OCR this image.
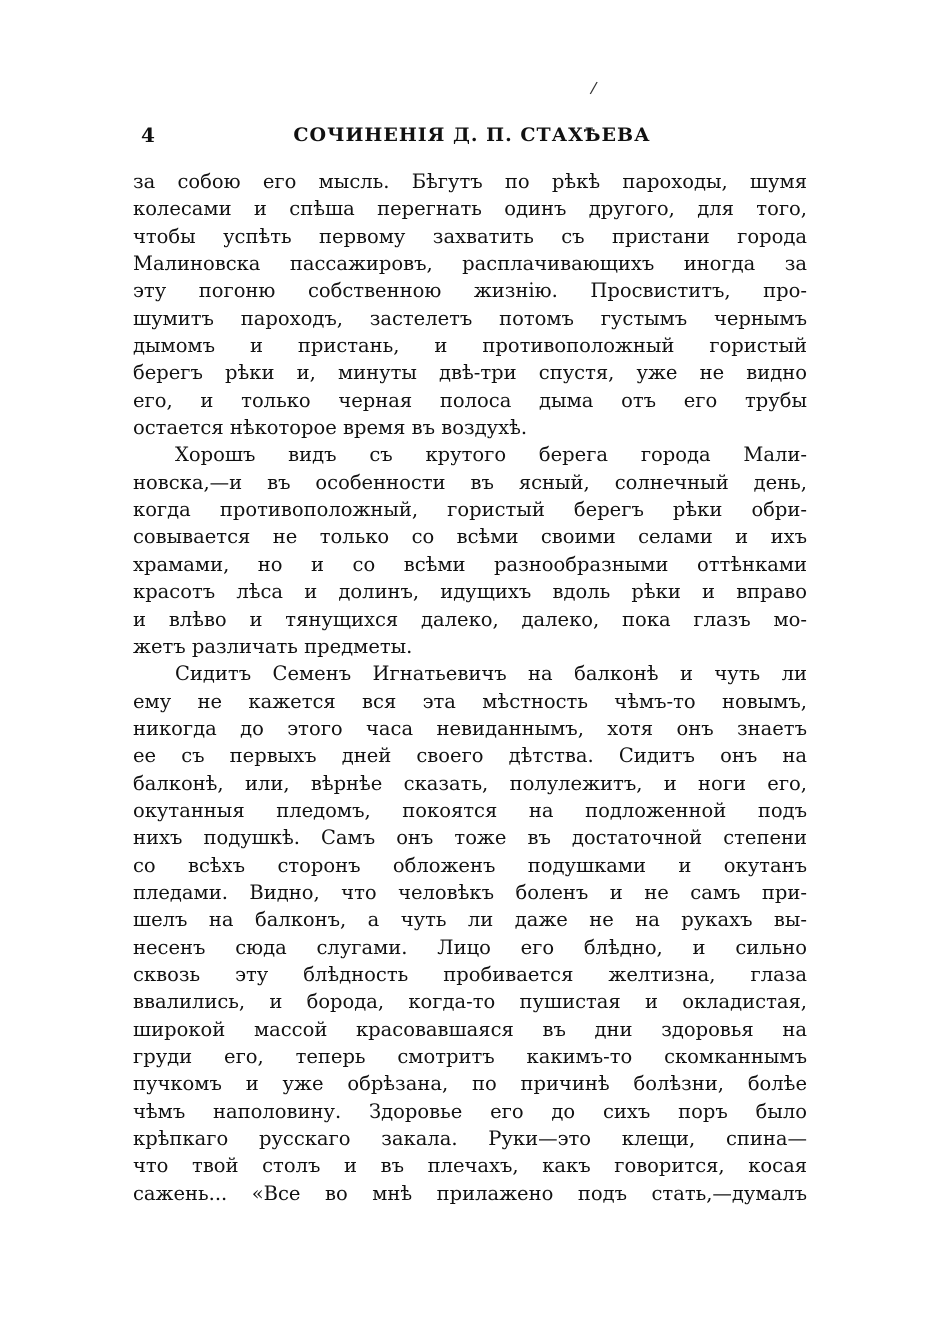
/
4	СОЧИНЕНІЯ Д. П. СТАХѢЕВА
за собою его мысль. Бѣгутъ по рѣкѣ пароходы, шумя
колесами и спѣша перегнать одинъ другого, для того,
чтобы успѣть первому захватить съ пристани города
Малиновска пассажировъ, расплачивающихъ иногда за
эту погоню собственною жизнію. Просвиститъ, про-
шумитъ пароходъ, застелетъ потомъ густымъ чернымъ
дымомъ и пристань, и противоположный гористый
берегъ рѣки и, минуты двѣ-три спустя, уже не видно
его, и только черная полоса дыма отъ его трубы
остается нѣкоторое время въ воздухѣ.
Хорошъ видъ съ крутого берега города Мали-
новска,—и въ особенности въ ясный, солнечный день,
когда противоположный, гористый берегъ рѣки обри-
совывается не только со всѣми своими селами и ихъ
храмами, но и со всѣми разнообразными оттѣнками
красотъ лѣса и долинъ, идущихъ вдоль рѣки и вправо
и влѣво и тянущихся далеко, далеко, пока глазъ мо-
жетъ различать предметы.
Сидитъ Семенъ Игнатьевичъ на балконѣ и чуть ли
ему не кажется вся эта мѣстность чѣмъ-то новымъ,
никогда до этого часа невиданнымъ, хотя онъ знаетъ
ее съ первыхъ дней своего дѣтства. Сидитъ онъ на
балконѣ, или, вѣрнѣе сказать, полулежитъ, и ноги его,
окутанныя пледомъ, покоятся на подложенной подъ
нихъ подушкѣ. Самъ онъ тоже въ достаточной степени
со всѣхъ сторонъ обложенъ подушками и окутанъ
пледами. Видно, что человѣкъ боленъ и не самъ при-
шелъ на балконъ, а чуть ли даже не на рукахъ вы-
несенъ сюда слугами. Лицо его блѣдно, и сильно
сквозь эту блѣдность пробивается желтизна, глаза
ввалились, и борода, когда-то пушистая и окладистая,
широкой массой красовавшаяся въ дни здоровья на
груди его, теперь смотритъ какимъ-то скомканнымъ
пучкомъ и уже обрѣзана, по причинѣ болѣзни, болѣе
чѣмъ наполовину. Здоровье его до сихъ поръ было
крѣпкаго русскаго закала. Руки—это клещи, спина—
что твой столъ и въ плечахъ, какъ говорится, косая
сажень... «Все во мнѣ прилажено подъ стать,—думалъ
